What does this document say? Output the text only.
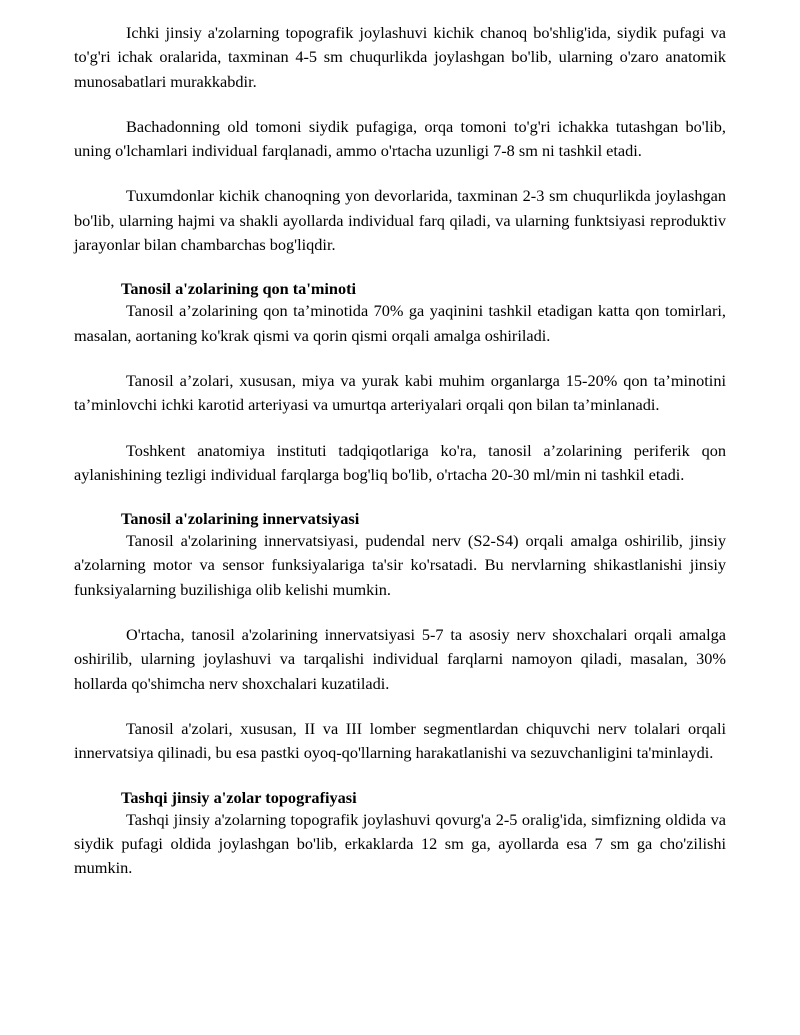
Ichki jinsiy a'zolarning topografik joylashuvi kichik chanoq bo'shlig'ida, siydik pufagi va to'g'ri ichak oralarida, taxminan 4-5 sm chuqurlikda joylashgan bo'lib, ularning o'zaro anatomik munosabatlari murakkabdir.

Bachadonning old tomoni siydik pufagiga, orqa tomoni to'g'ri ichakka tutashgan bo'lib, uning o'lchamlari individual farqlanadi, ammo o'rtacha uzunligi 7-8 sm ni tashkil etadi.

Tuxumdonlar kichik chanoqning yon devorlarida, taxminan 2-3 sm chuqurlikda joylashgan bo'lib, ularning hajmi va shakli ayollarda individual farq qiladi, va ularning funktsiyasi reproduktiv jarayonlar bilan chambarchas bog'liqdir.

Tanosil a'zolarining qon ta'minoti

Tanosil a’zolarining qon ta’minotida 70% ga yaqinini tashkil etadigan katta qon tomirlari, masalan, aortaning ko'krak qismi va qorin qismi orqali amalga oshiriladi.

Tanosil a’zolari, xususan, miya va yurak kabi muhim organlarga 15-20% qon ta’minotini ta’minlovchi ichki karotid arteriyasi va umurtqa arteriyalari orqali qon bilan ta’minlanadi.

Toshkent anatomiya instituti tadqiqotlariga ko'ra, tanosil a’zolarining periferik qon aylanishining tezligi individual farqlarga bog'liq bo'lib, o'rtacha 20-30 ml/min ni tashkil etadi.

Tanosil a'zolarining innervatsiyasi

Tanosil a'zolarining innervatsiyasi, pudendal nerv (S2-S4) orqali amalga oshirilib, jinsiy a'zolarning motor va sensor funksiyalariga ta'sir ko'rsatadi. Bu nervlarning shikastlanishi jinsiy funksiyalarning buzilishiga olib kelishi mumkin.

O'rtacha, tanosil a'zolarining innervatsiyasi 5-7 ta asosiy nerv shoxchalari orqali amalga oshirilib, ularning joylashuvi va tarqalishi individual farqlarni namoyon qiladi, masalan, 30% hollarda qo'shimcha nerv shoxchalari kuzatiladi.

Tanosil a'zolari, xususan, II va III lomber segmentlardan chiquvchi nerv tolalari orqali innervatsiya qilinadi, bu esa pastki oyoq-qo'llarning harakatlanishi va sezuvchanligini ta'minlaydi.

Tashqi jinsiy a'zolar topografiyasi

Tashqi jinsiy a'zolarning topografik joylashuvi qovurg'a 2-5 oralig'ida, simfizning oldida va siydik pufagi oldida joylashgan bo'lib, erkaklarda 12 sm ga, ayollarda esa 7 sm ga cho'zilishi mumkin.
